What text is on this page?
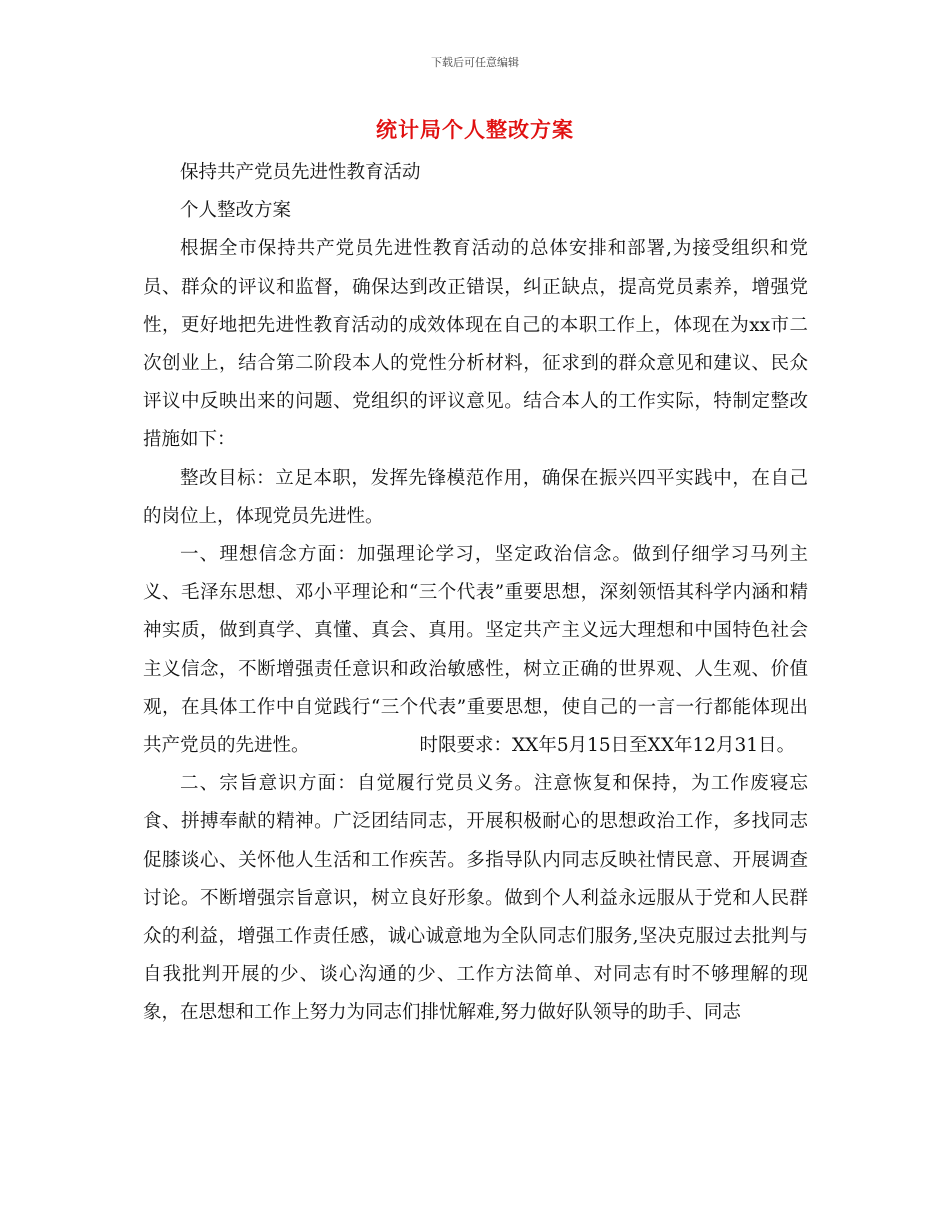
下载后可任意编辑
统计局个人整改方案

保持共产党员先进性教育活动

个人整改方案

根据全市保持共产党员先进性教育活动的总体安排和部署,为接受组织和党员、群众的评议和监督，确保达到改正错误，纠正缺点，提高党员素养，增强党性，更好地把先进性教育活动的成效体现在自己的本职工作上，体现在为xx市二次创业上，结合第二阶段本人的党性分析材料，征求到的群众意见和建议、民众评议中反映出来的问题、党组织的评议意见。结合本人的工作实际，特制定整改措施如下：

整改目标：立足本职，发挥先锋模范作用，确保在振兴四平实践中，在自己的岗位上，体现党员先进性。

一、理想信念方面：加强理论学习，坚定政治信念。做到仔细学习马列主义、毛泽东思想、邓小平理论和“三个代表”重要思想，深刻领悟其科学内涵和精神实质，做到真学、真懂、真会、真用。坚定共产主义远大理想和中国特色社会主义信念，不断增强责任意识和政治敏感性，树立正确的世界观、人生观、价值观，在具体工作中自觉践行“三个代表”重要思想，使自己的一言一行都能体现出共产党员的先进性。	时限要求：XX年5月15日至XX年12月31日。

二、宗旨意识方面：自觉履行党员义务。注意恢复和保持，为工作废寝忘食、拼搏奉献的精神。广泛团结同志，开展积极耐心的思想政治工作，多找同志促膝谈心、关怀他人生活和工作疾苦。多指导队内同志反映社情民意、开展调查讨论。不断增强宗旨意识，树立良好形象。做到个人利益永远服从于党和人民群众的利益，增强工作责任感，诚心诚意地为全队同志们服务,坚决克服过去批判与自我批判开展的少、谈心沟通的少、工作方法简单、对同志有时不够理解的现象，在思想和工作上努力为同志们排忧解难,努力做好队领导的助手、同志
